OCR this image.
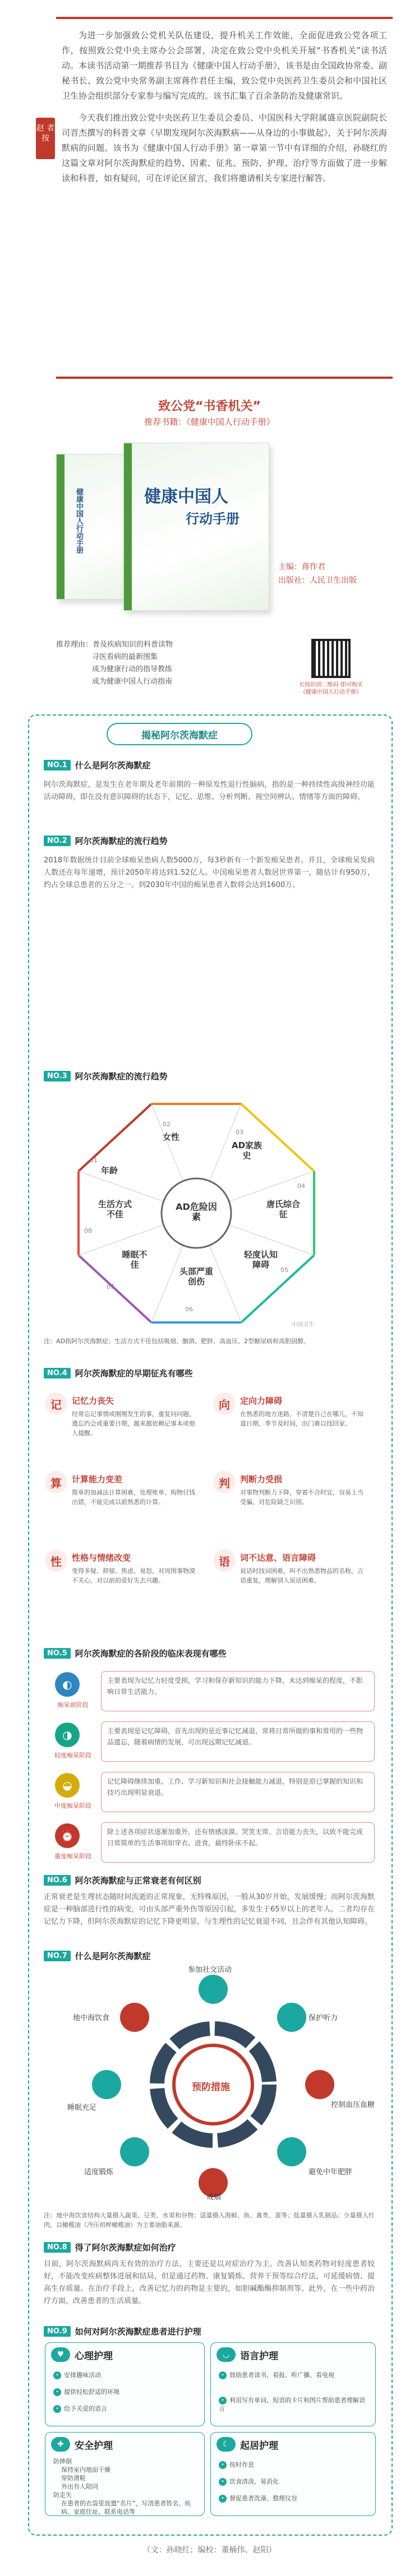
赵 者 按

为进一步加强致公党机关队伍建设，提升机关工作效能，全面促进致公党各项工作，按照致公党中央主席办公会部署，决定在致公党中央机关开展“书香机关”读书活动。本读书活动第一期推荐书目为《健康中国人行动手册》，该书是由全国政协常委、副秘书长、致公党中央常务副主席蒋作君任主编，致公党中央医药卫生委员会和中国社区卫生协会组织部分专家参与编写完成的。该书汇集了百余条防治及健康常识。

今天我们推出致公党中央医药卫生委员会委员、中国医科大学附属盛京医院副院长司晋杰撰写的科普文章《早期发现阿尔茨海默病——从身边的小事做起》，关于阿尔茨海默病的问题。该书为《健康中国人行动手册》第一章第一节中有详细的介绍，孙晓红的这篇文章对阿尔茨海默症的趋势、因素、征兆、预防、护理、治疗等方面做了进一步解读和科普，如有疑问，可在评论区留言，我们将邀请相关专家进行解答。

致公党“书香机关”
推荐书籍：《健康中国人行动手册》
健康中国人行动手册	健康中国人
行动手册
主编：蒋作君
出版社：人民卫生出版
推荐理由：普及疾病知识的科普读物
寻医看病的最新图集
成为健康行动的指导教练
成为健康中国人行动指南	长按识别二维码 即可购买《健康中国人行动手册》
揭秘阿尔茨海默症
NO.1 什么是阿尔茨海默症
阿尔茨海默症，是发生在老年期及老年前期的一种原发性退行性脑病，指的是一种持续性高级神经功能活动障碍，即在没有意识障碍的状态下，记忆、思维、分析判断、视空间辨认、情绪等方面的障碍。
NO.2 阿尔茨海默症的流行趋势
2018年数据统计目前全球痴呆患病人数5000万，每3秒新有一个新发痴呆患者。并且，全球痴呆发病人数还在每年递增，预计2050年将达到1.52亿人。中国痴呆患者人数居世界第一，随估计有950万，约占全球总患者的五分之一。到2030年中国的痴呆患者人数将会达到1600万。
NO.3 阿尔茨海默症的流行趋势
年龄
01
女性
02
AD家族史
03
唐氏综合征
04
轻度认知障碍
05
头部严重创伤
06
睡眠不佳
07
生活方式不佳
08
AD危险因素
中国卫生
注：AD指阿尔茨海默症；生活方式不佳包括吸烟、酗酒、肥胖、高血压、2型糖尿病和高胆固醇。
NO.4 阿尔茨海默症的早期征兆有哪些
记	记忆力丧失
经常忘记事情或刚刚发生的事，重复问问题，遗忘约会或重要日期，越来越依赖记事本或他人提醒。
向	定向力障碍
在熟悉的地方迷路，不清楚自己在哪儿，不知道日期、季节及时间，出门难以找回家。
算	计算能力变差
简单的加减法计算困难，处理账单、购物付钱出错，不能完成以前熟悉的计算。
判	判断力受损
对事物判断力下降，穿着不合时宜，容易上当受骗，对危险缺乏识别。
性	性格与情绪改变
变得多疑、抑郁、焦虑、易怒，对周围事物漠不关心，对以前的爱好失去兴趣。
语	词不达意、语言障碍
说话时找词困难，叫不出熟悉物品的名称，言语重复，理解别人说话困难。
NO.5 阿尔茨海默症的各阶段的临床表现有哪些
◐
痴呆前阶段
主要表现为记忆力轻度受损，学习和保存新知识的能力下降，未达到痴呆的程度，不影响日常生活能力。
◑
轻度痴呆阶段
主要表现是记忆障碍，首先出现的是近事记忆减退，常将日常所做的事和常用的一些物品遗忘，随着病情的发展，可出现远期记忆减退。
◒
中度痴呆阶段
记忆障碍继续加重，工作、学习新知识和社会接触能力减退，特别是原已掌握的知识和技巧出现明显衰退。
⏰
重度痴呆阶段
除上述各项症状逐渐加重外，还有情感淡漠、哭笑无常、言语能力丧失，以致不能完成日常简单的生活事项如穿衣、进食，最终卧床不起。
NO.6 阿尔茨海默症与正常衰老有何区别
正常衰老是生理状态随时间流逝的正常现象，无特殊原因，一般从30岁开始，发展缓慢；而阿尔茨海默症是一种脑部进行性的病变，可由头部严重外伤等原因引起，多发生于65岁以上的老年人。二者均存在记忆力下降，但阿尔茨海默症的记忆下降更明显，与生理性的记忆衰退不同，且会伴有其他认知障碍。
NO.7 什么是阿尔茨海默症
参加社交活动
保护听力
控制血压血糖
避免中年肥胖
戒烟
适度锻炼
睡眠充足
地中海饮食
预防措施
注：地中海饮食结构大量摄入蔬果、豆类、水果和谷物；适量摄入海鲜、鱼、禽类、蛋等；低量摄入乳制品；少量摄入红肉，以橄榄油（冷压初榨橄榄油）为主要油脂来源。
NO.8 得了阿尔茨海默症如何治疗
目前，阿尔茨海默病尚无有效的治疗方法，主要还是以对症治疗为主。改善认知类药物对轻度患者较好，不能改变疾病整体进展和结局，但是通过药物、康复锻炼、营养干预等综合疗法，可延缓病情、提高生存质量。在治疗手段上，改善记忆力的药物是主要的，如胆碱酯酶抑制剂等。此外，在一些中药治疗方面，改善患者的生活质量。
NO.9 如何对阿尔茨海默症患者进行护理
♥	心理护理
• 安排趣味活动
• 提供轻松舒适的环境
• 给予关爱的语言
◡	语言护理
• 鼓励患者读书、看报、听广播、看电视
• 利用写有单词、短语的卡片和图片帮助患者理解语言
✚	安全护理
防摔倒
保持室内地面干燥
穿防滑鞋
外出有人陪同
防走失
在患者的衣袋里放置“名片”，写清患者姓名、疾病、家庭住址、联系电话等
☾	起居护理
• 按时作息
• 饮食清淡，易消化
• 督促患者洗澡、整理仪容
（文：孙晓红；编校：董楠伟、赵阳）
